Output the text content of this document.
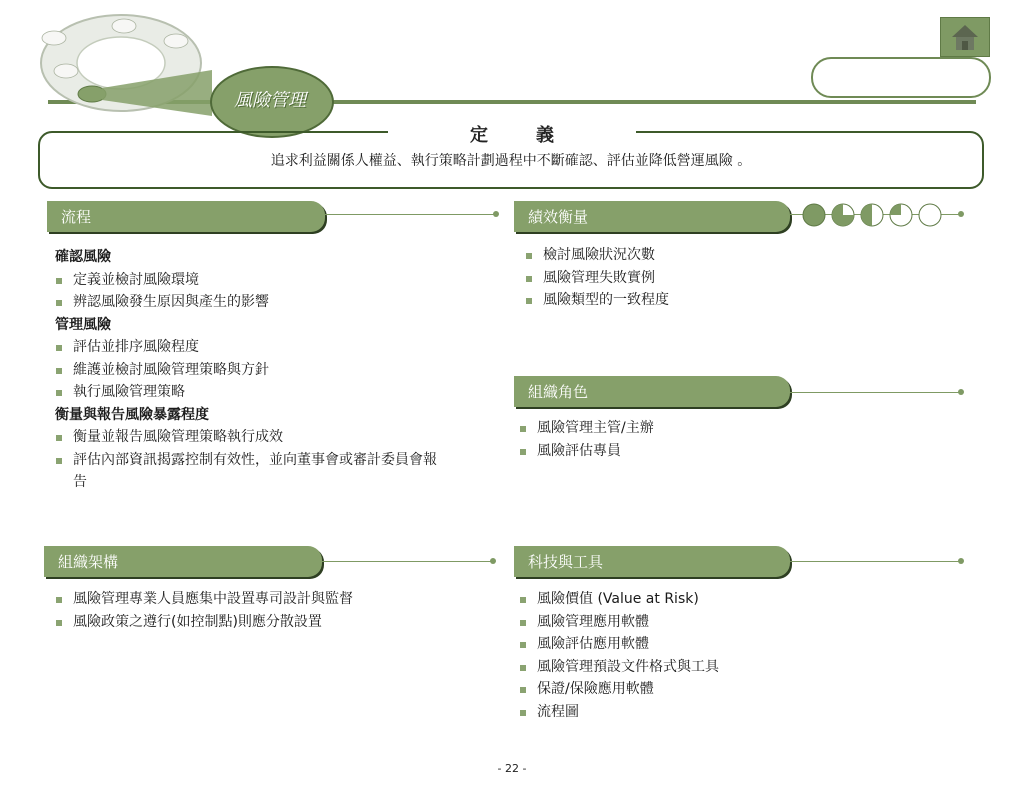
風險管理
定義
追求利益關係人權益、執行策略計劃過程中不斷確認、評估並降低營運風險 。
流程
確認風險
定義並檢討風險環境
辨認風險發生原因與產生的影響
管理風險
評估並排序風險程度
維護並檢討風險管理策略與方針
執行風險管理策略
衡量與報告風險暴露程度
衡量並報告風險管理策略執行成效
評估內部資訊揭露控制有效性，並向董事會或審計委員會報告
績效衡量
檢討風險狀況次數
風險管理失敗實例
風險類型的一致程度
組織角色
風險管理主管/主辦
風險評估專員
組織架構
風險管理專業人員應集中設置專司設計與監督
風險政策之遵行(如控制點)則應分散設置
科技與工具
風險價值 (Value at Risk)
風險管理應用軟體
風險評估應用軟體
風險管理預設文件格式與工具
保證/保險應用軟體
流程圖
- 22 -
